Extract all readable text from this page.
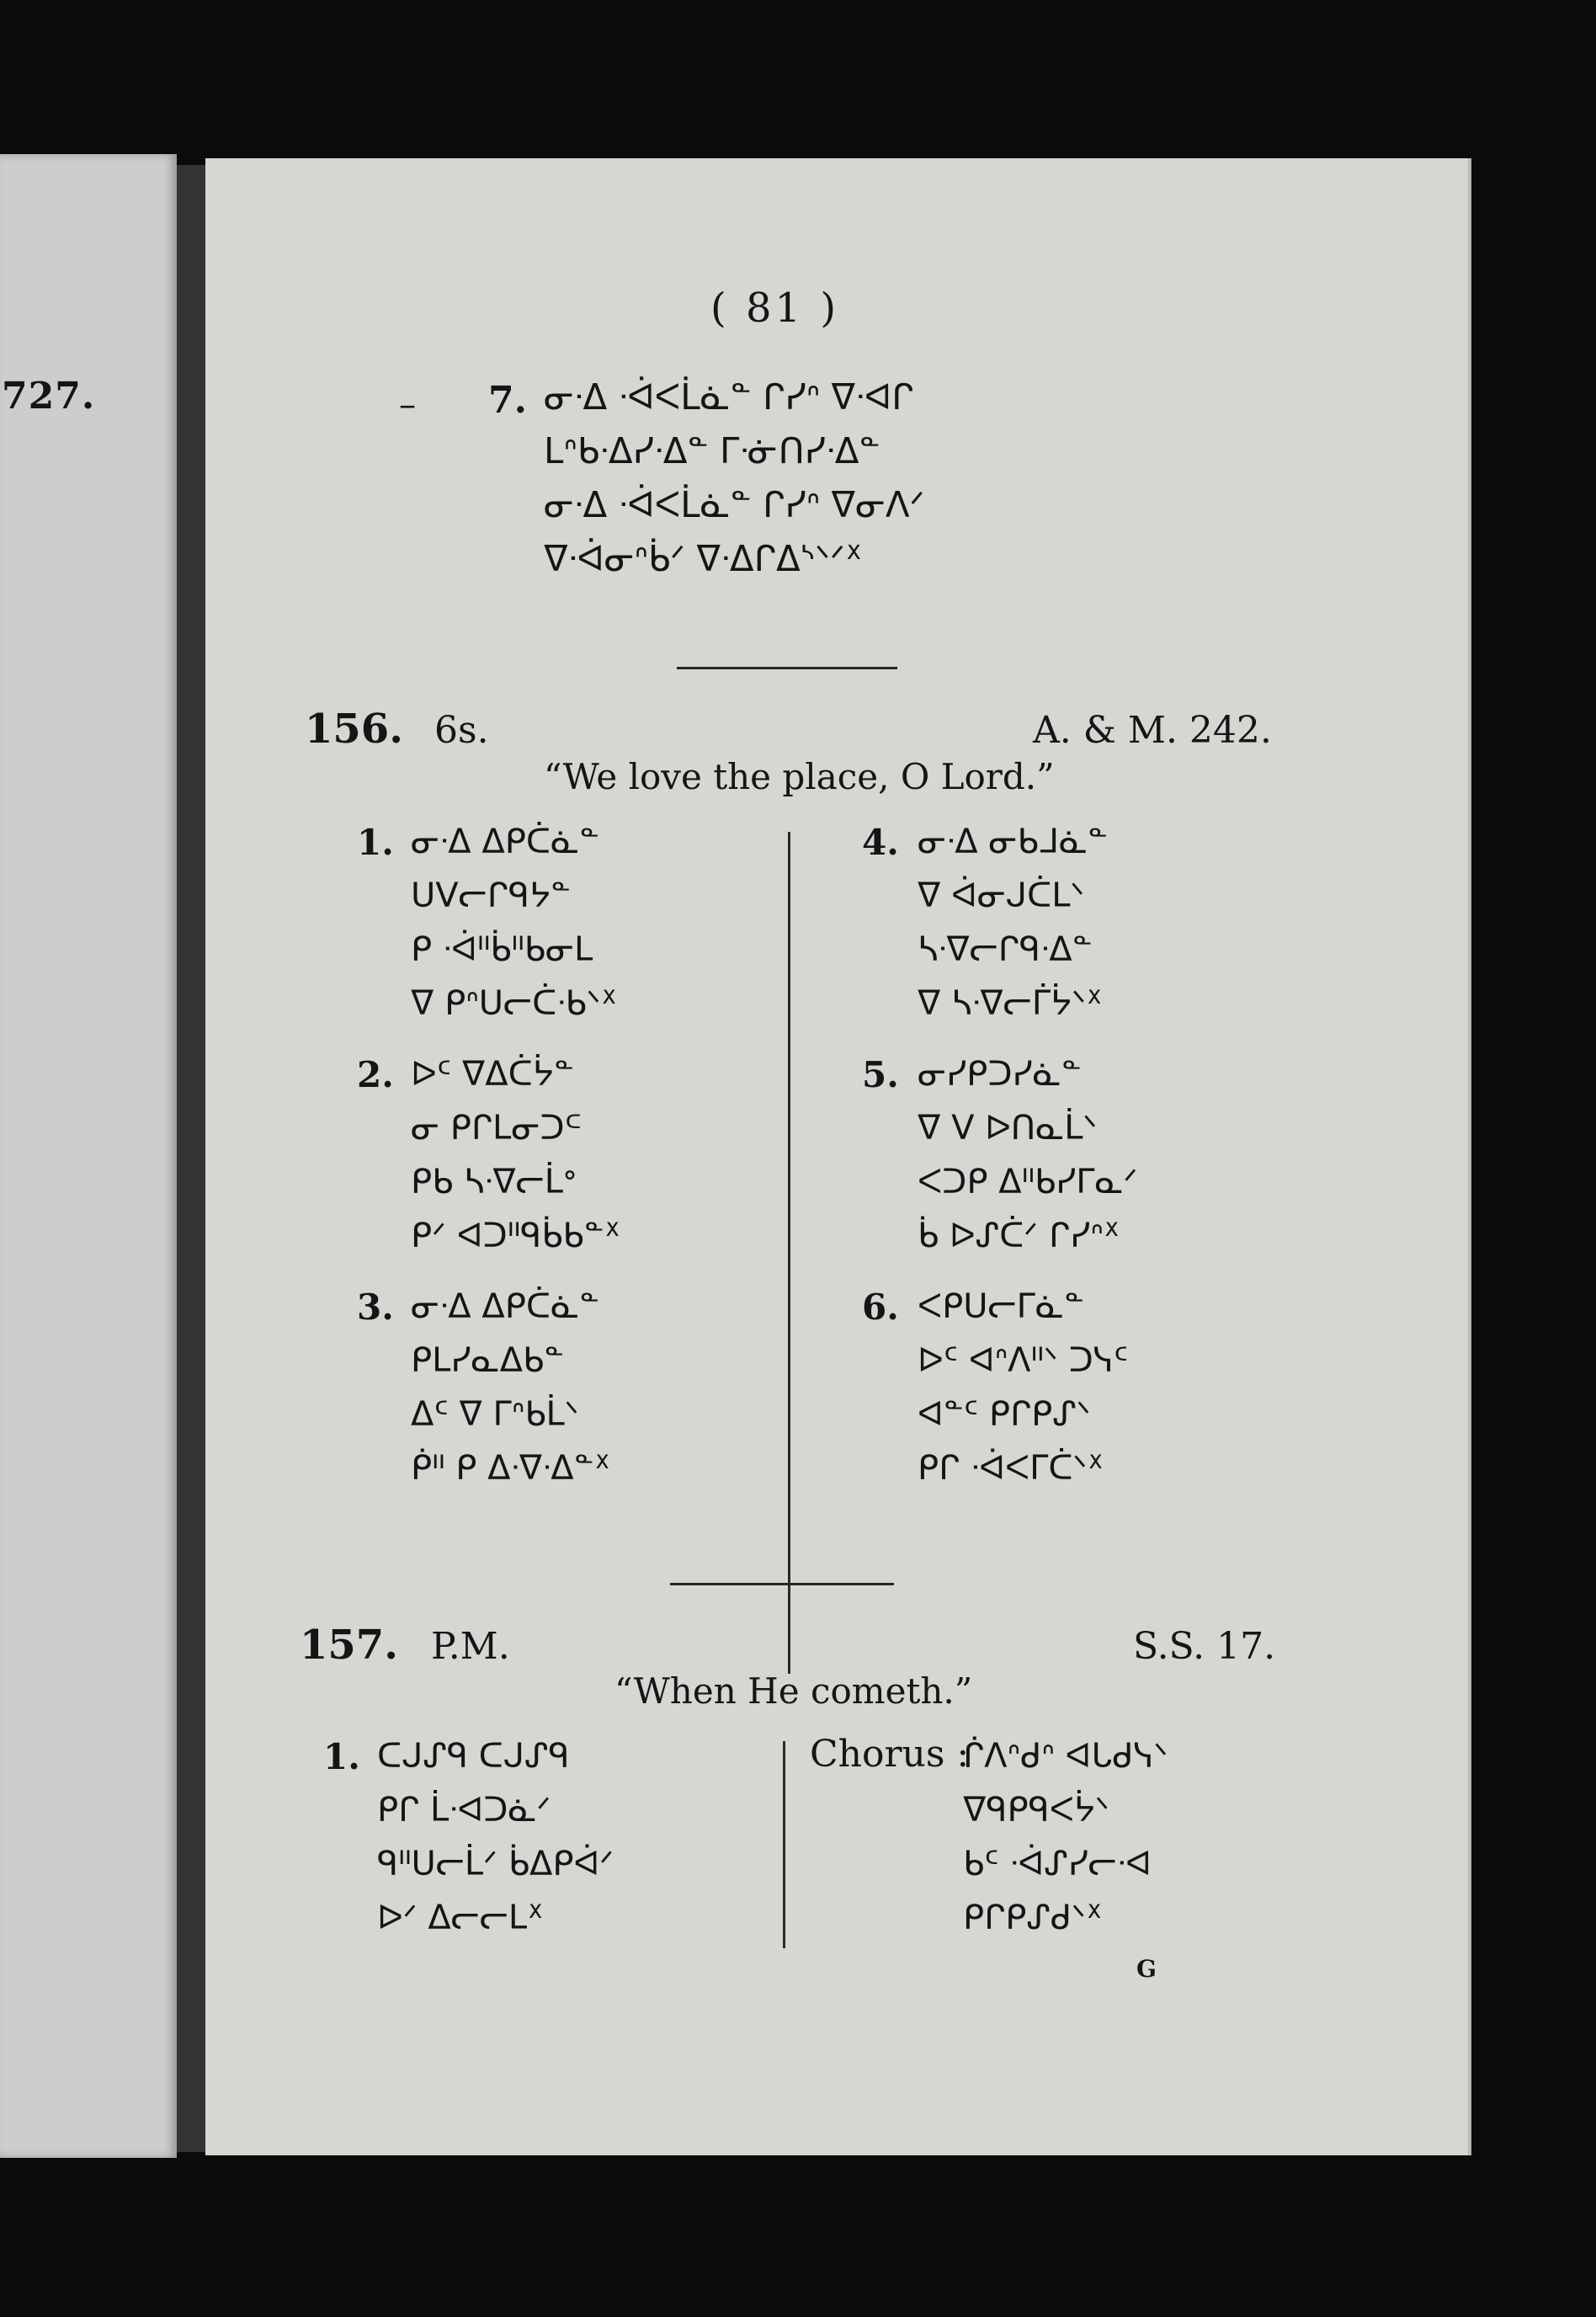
727.
( 81 )
– 7. ᓂᐧᐃ ᐧᐋᐸᒫᓈᓐ ᒋᓯᐢ ᐁᐧᐊᒋ
ᒪᐢᑲᐧᐃᓯᐧᐃᓐ ᒥᐧᓃᑎᓯᐧᐃᓐ
ᓂᐧᐃ ᐧᐋᐸᒫᓈᓐ ᒋᓯᐢ ᐁᓂᐱᐟ
ᐁᐧᐋᓂᐢᑳᐟ ᐁᐧᐃᒋᐃᔅᐠᐟᕽ
156. 6s.	A. & M. 242.
“We love the place, O Lord.”
1. ᓂᐧᐃ ᐃᑭᑖᓈᓐ
ᑌᐯᓕᒋᑫᔭᓐ
ᑭ ᐧᐋᐦᑳᐦᑲᓂᒪ
ᐁ ᑭᐢᑌᓕᑖᐧᑲᐠᕽ
2. ᐅᑦ ᐁᐃᑖᔮᓐ
ᓂ ᑭᒋᒪᓂᑐᒼ
ᑭᑲ ᓴᐧᐁᓕᒫᐤ
ᑭᐟ ᐊᑐᐦᑫᑳᑲᓐᕽ
3. ᓂᐧᐃ ᐃᑭᑖᓈᓐ
ᑭᒪᓯᓇᐃᑲᓐ
ᐃᑦ ᐁ ᒥᐢᑲᒫᐠ
ᑮᐦ ᑭ ᐃᐧᐁᐧᐃᓐᕽ
4. ᓂᐧᐃ ᓂᑲᒧᓈᓐ
ᐁ ᐋᓂᒍᑖᒪᐠ
ᓴᐧᐁᓕᒋᑫᐧᐃᓐ
ᐁ ᓴᐧᐁᓕᒦᔮᐠᕽ
5. ᓂᓯᑭᑐᓯᓈᓐ
ᐁ ᐯ ᐅᑎᓇᒫᐠ
ᐸᑐᑭ ᐃᐦᑲᓯᒥᓇᐟ
ᑳ ᐅᔑᑖᐟ ᒋᓯᐢᕽ
6. ᐸᑭᑌᓕᒥᓈᓐ
ᐅᑦ ᐊᐢᐱᐦᐠ ᑐᓭᑦ
ᐊᓐᑦ ᑭᒋᑭᔑᐠ
ᑭᒋ ᐧᐋᐸᒥᑖᐠᕽ
157. P.M.	S.S. 17.
“When He cometh.”
1. ᑕᒍᔑᑫ ᑕᒍᔑᑫ
ᑭᒋ ᒫᐧᐊᑐᓈᐟ
ᑫᐦᑌᓕᒫᐟ ᑳᐃᑭᐋᐟ
ᐅᐟ ᐃᓕᓕᒪᕽ
Chorus :
ᒌᐱᐢᑯᐢ ᐊᒐᑯᓭᐠ
ᐁᑫᑭᑫᐸᔮᐠ
ᑲᑦ ᐧᐋᔑᓯᓕᐧᐊ
ᑭᒋᑭᔑᑯᐠᕽ
G
